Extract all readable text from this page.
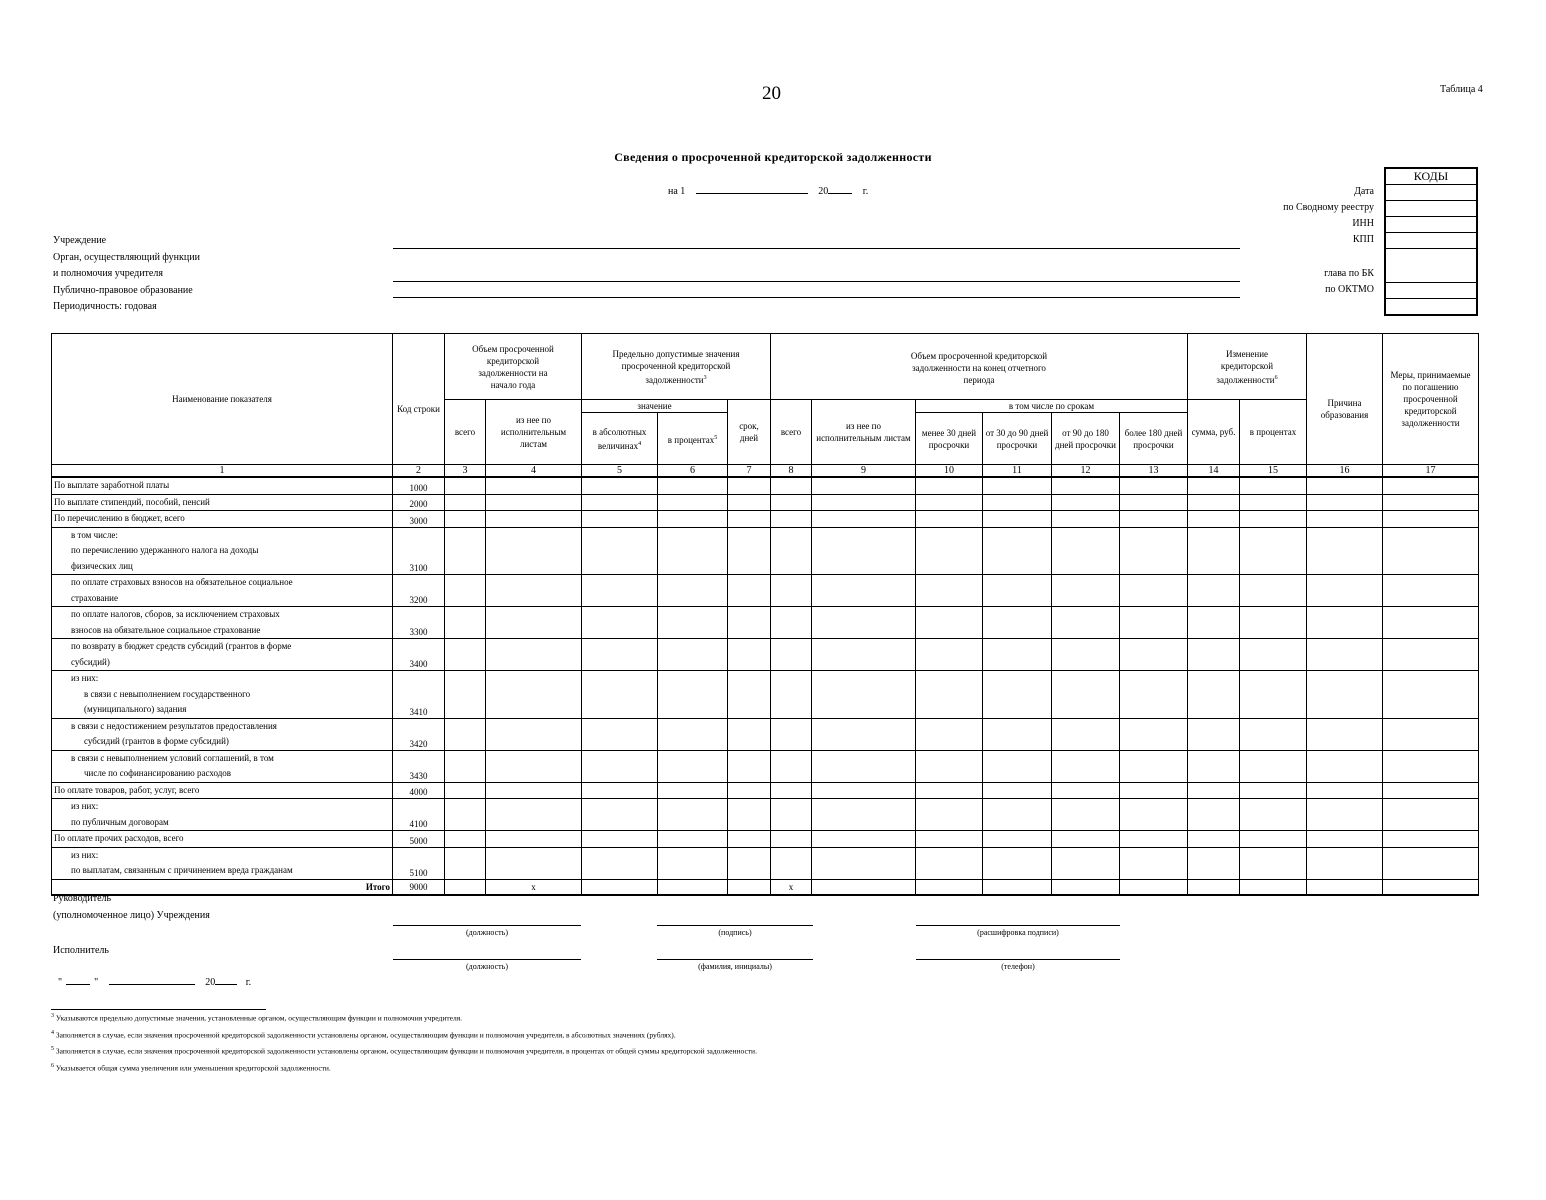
20	Таблица 4
Сведения о просроченной кредиторской задолженности
на 1	20	г.	Дата
по Сводному реестру
ИНН
КПП
глава по БК
по ОКТМО
КОДЫ
Учреждение
Орган, осуществляющий функции
и полномочия учредителя
Публично-правовое образование
Периодичность: годовая
Наименование показателя	Код строки	Объем просроченной кредиторской задолженности на начало года		Предельно допустимые значения просроченной кредиторской задолженности$^3$			Объем просроченной кредиторской задолженности на конец отчетного периода						Изменение кредиторской задолженности$^6$		Причина образования	Меры, принимаемые по погашению просроченной кредиторской задолженности
		всего	из нее по исполнительным листам	значение		срок, дней	всего	из нее по исполнительным листам	в том числе по срокам				сумма, руб.	в процентах		
				в абсолютных величинах$^4$	в процентах$^5$				менее 30 дней просрочки	от 30 до 90 дней просрочки	от 90 до 180 дней просрочки	более 180 дней просрочки				
1	2	3	4	5	6	7	8	9	10	11	12	13	14	15	16	17

По выплате заработной платы	1000															

По выплате стипендий, пособий, пенсий	2000															

По перечислению в бюджет, всего	3000															

в том числе:
по перечислению удержанного налога на доходы
физических лиц	3100															

по оплате страховых взносов на обязательное социальное
страхование	3200															

по оплате налогов, сборов, за исключением страховых
взносов на обязательное социальное страхование	3300															

по возврату в бюджет средств субсидий (грантов в форме
субсидий)	3400															

из них:
в связи с невыполнением государственного
(муниципального) задания	3410															

в связи с недостижением результатов предоставления
субсидий (грантов в форме субсидий)	3420															

в связи с невыполнением условий соглашений, в том
числе по софинансированию расходов	3430															

По оплате товаров, работ, услуг, всего	4000															

из них:
по публичным договорам	4100															

По оплате прочих расходов, всего	5000															

из них:
по выплатам, связанным с причинением вреда гражданам	5100															
Итого	9000		x				x									
Руководитель
(уполномоченное лицо) Учреждения
(должность)	(подпись)	(расшифровка подписи)
Исполнитель
(должность)	(фамилия, инициалы)	(телефон)
"	"	20	г.
$^3$ Указываются предельно допустимые значения, установленные органом, осуществляющим функции и полномочия учредителя.
$^4$ Заполняется в случае, если значения просроченной кредиторской задолженности установлены органом, осуществляющим функции и полномочия учредителя, в абсолютных значениях (рублях).
$^5$ Заполняется в случае, если значения просроченной кредиторской задолженности установлены органом, осуществляющим функции и полномочия учредителя, в процентах от общей суммы кредиторской задолженности.
$^6$ Указывается общая сумма увеличения или уменьшения кредиторской задолженности.
